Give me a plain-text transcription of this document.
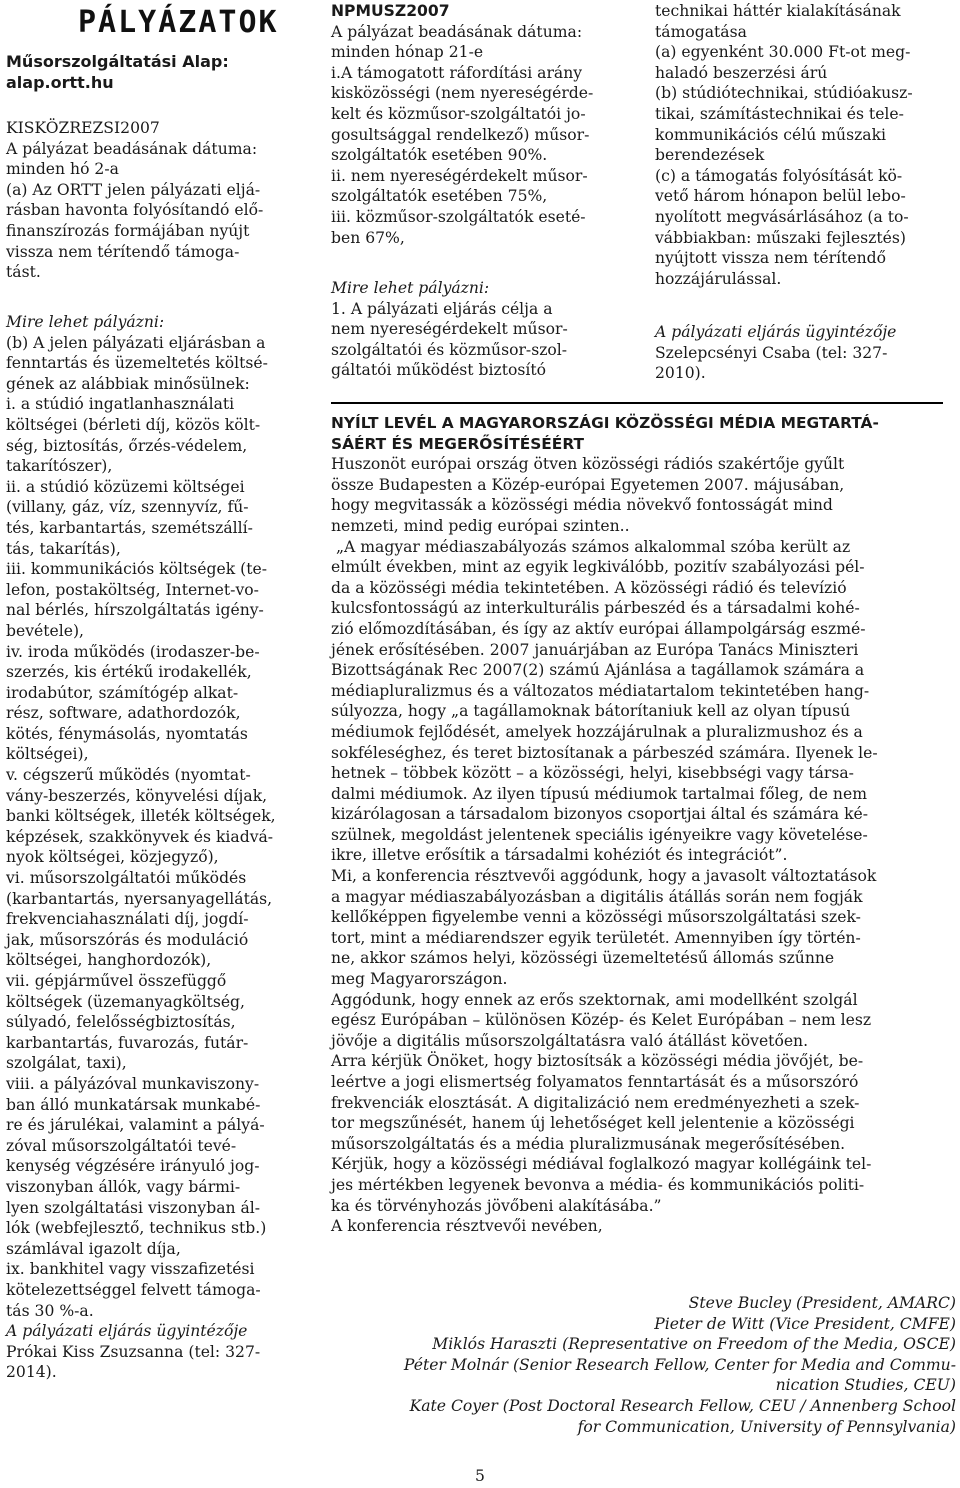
PÁLYÁZATOK

Műsorszolgáltatási Alap:

alap.ortt.hu

KISKÖZREZSI2007

A pályázat beadásának dátuma:

minden hó 2-a

(a) Az ORTT jelen pályázati eljá-

rásban havonta folyósítandó elő-

finanszírozás formájában nyújt

vissza nem térítendő támoga-

tást.

Mire lehet pályázni:

(b) A jelen pályázati eljárásban a

fenntartás és üzemeltetés költsé-

gének az alábbiak minősülnek:

i. a stúdió ingatlanhasználati

költségei (bérleti díj, közös költ-

ség, biztosítás, őrzés-védelem,

takarítószer),

ii. a stúdió közüzemi költségei

(villany, gáz, víz, szennyvíz, fű-

tés, karbantartás, szemétszállí-

tás, takarítás),

iii. kommunikációs költségek (te-

lefon, postaköltség, Internet-vo-

nal bérlés, hírszolgáltatás igény-

bevétele),

iv. iroda működés (irodaszer-be-

szerzés, kis értékű irodakellék,

irodabútor, számítógép alkat-

rész, software, adathordozók,

kötés, fénymásolás, nyomtatás

költségei),

v. cégszerű működés (nyomtat-

vány-beszerzés, könyvelési díjak,

banki költségek, illeték költségek,

képzések, szakkönyvek és kiadvá-

nyok költségei, közjegyző),

vi. műsorszolgáltatói működés

(karbantartás, nyersanyagellátás,

frekvenciahasználati díj, jogdí-

jak, műsorszórás és moduláció

költségei, hanghordozók),

vii. gépjárművel összefüggő

költségek (üzemanyagköltség,

súlyadó, felelősségbiztosítás,

karbantartás, fuvarozás, futár-

szolgálat, taxi),

viii. a pályázóval munkaviszony-

ban álló munkatársak munkabé-

re és járulékai, valamint a pályá-

zóval műsorszolgáltatói tevé-

kenység végzésére irányuló jog-

viszonyban állók, vagy bármi-

lyen szolgáltatási viszonyban ál-

lók (webfejlesztő, technikus stb.)

számlával igazolt díja,

ix. bankhitel vagy visszafizetési

kötelezettséggel felvett támoga-

tás 30 %-a.

A pályázati eljárás ügyintézője

Prókai Kiss Zsuzsanna (tel: 327-

2014).

NPMUSZ2007

A pályázat beadásának dátuma:

minden hónap 21-e

i.A támogatott ráfordítási arány

kisközösségi (nem nyereségérde-

kelt és közműsor-szolgáltatói jo-

gosultsággal rendelkező) műsor-

szolgáltatók esetében 90%.

ii. nem nyereségérdekelt műsor-

szolgáltatók esetében 75%,

iii. közműsor-szolgáltatók eseté-

ben 67%,

Mire lehet pályázni:

1. A pályázati eljárás célja a

nem nyereségérdekelt műsor-

szolgáltatói és közműsor-szol-

gáltatói működést biztosító

technikai háttér kialakításának

támogatása

(a) egyenként 30.000 Ft-ot meg-

haladó beszerzési árú

(b) stúdiótechnikai, stúdióakusz-

tikai, számítástechnikai és tele-

kommunikációs célú műszaki

berendezések

(c) a támogatás folyósítását kö-

vető három hónapon belül lebo-

nyolított megvásárlásához (a to-

vábbiakban: műszaki fejlesztés)

nyújtott vissza nem térítendő

hozzájárulással.

A pályázati eljárás ügyintézője

Szelepcsényi Csaba (tel: 327-

2010).

NYÍLT LEVÉL A MAGYARORSZÁGI KÖZÖSSÉGI MÉDIA MEGTARTÁ-
SÁÉRT ÉS MEGERŐSÍTÉSÉÉRT

Huszonöt európai ország ötven közösségi rádiós szakértője gyűlt

össze Budapesten a Közép-európai Egyetemen 2007. májusában,

hogy megvitassák a közösségi média növekvő fontosságát mind

nemzeti, mind pedig európai szinten..

„A magyar médiaszabályozás számos alkalommal szóba került az

elmúlt években, mint az egyik legkiválóbb, pozitív szabályozási pél-

da a közösségi média tekintetében. A közösségi rádió és televízió

kulcsfontosságú az interkulturális párbeszéd és a társadalmi kohé-

zió előmozdításában, és így az aktív európai állampolgárság eszmé-

jének erősítésében. 2007 januárjában az Európa Tanács Miniszteri

Bizottságának Rec 2007(2) számú Ajánlása a tagállamok számára a

médiapluralizmus és a változatos médiatartalom tekintetében hang-

súlyozza, hogy „a tagállamoknak bátorítaniuk kell az olyan típusú

médiumok fejlődését, amelyek hozzájárulnak a pluralizmushoz és a

sokféleséghez, és teret biztosítanak a párbeszéd számára. Ilyenek le-

hetnek – többek között – a közösségi, helyi, kisebbségi vagy társa-

dalmi médiumok. Az ilyen típusú médiumok tartalmai főleg, de nem

kizárólagosan a társadalom bizonyos csoportjai által és számára ké-

szülnek, megoldást jelentenek speciális igényeikre vagy követelése-

ikre, illetve erősítik a társadalmi kohéziót és integrációt”.

Mi, a konferencia résztvevői aggódunk, hogy a javasolt változtatások

a magyar médiaszabályozásban a digitális átállás során nem fogják

kellőképpen figyelembe venni a közösségi műsorszolgáltatási szek-

tort, mint a médiarendszer egyik területét. Amennyiben így történ-

ne, akkor számos helyi, közösségi üzemeltetésű állomás szűnne

meg Magyarországon.

Aggódunk, hogy ennek az erős szektornak, ami modellként szolgál

egész Európában – különösen Közép- és Kelet Európában – nem lesz

jövője a digitális műsorszolgáltatásra való átállást követően.

Arra kérjük Önöket, hogy biztosítsák a közösségi média jövőjét, be-

leértve a jogi elismertség folyamatos fenntartását és a műsorszóró

frekvenciák elosztását. A digitalizáció nem eredményezheti a szek-

tor megszűnését, hanem új lehetőséget kell jelentenie a közösségi

műsorszolgáltatás és a média pluralizmusának megerősítésében.

Kérjük, hogy a közösségi médiával foglalkozó magyar kollégáink tel-

jes mértékben legyenek bevonva a média- és kommunikációs politi-

ka és törvényhozás jövőbeni alakításába.”

A konferencia résztvevői nevében,

Steve Bucley (President, AMARC)

Pieter de Witt (Vice President, CMFE)

Miklós Haraszti (Representative on Freedom of the Media, OSCE)

Péter Molnár (Senior Research Fellow, Center for Media and Commu-

nication Studies, CEU)

Kate Coyer (Post Doctoral Research Fellow, CEU / Annenberg School

for Communication, University of Pennsylvania)

5
